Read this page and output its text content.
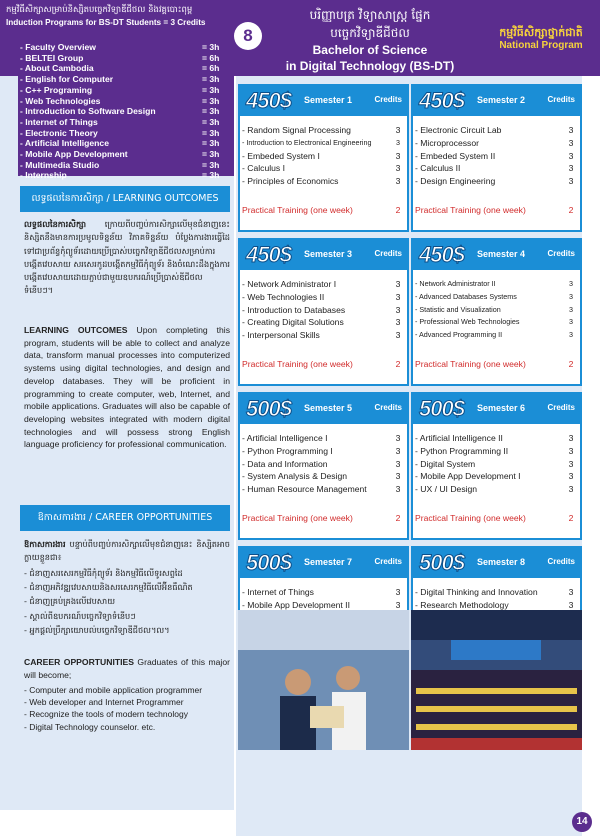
កម្មវិធីសិក្សាសម្រាប់និស្សិតបច្ចេកវិទ្យាឌីជីថល និងវគ្គបោះពុម្ព
Induction Programs for BS-DT Students = 3 Credits
8
បរិញ្ញាបត្រ វិទ្យាសាស្ត្រ ផ្នែក បច្ចេកវិទ្យាឌីជីថល
Bachelor of Science
in Digital Technology (BS-DT)
កម្មវិធីសិក្សាថ្នាក់ជាតិ
National Program
- Faculty Overview	= 3h
- BELTEI Group	= 6h
- About Cambodia	= 6h
- English for Computer	= 3h
- C++ Programing	= 3h
- Web Technologies	= 3h
- Introduction to Software Design	= 3h
- Internet of Things	= 3h
- Electronic Theory	= 3h
- Artificial Intelligence	= 3h
- Mobile App Development	= 3h
- Multimedia Studio	= 3h
- Internship	= 3h
លទ្ធផលនៃការសិក្សា / LEARNING OUTCOMES
លទ្ធផលនៃការសិក្សា ក្រោយពីបញ្ចប់ការសិក្សាលើមុខជំនាញនេះនិស្សិតនឹងមានការប្រមូលទិន្នន័យ វិភាគទិន្នន័យ បំប្លែងការងារធ្វើដៃទៅជាប្រព័ន្ធកុំព្យូទ័រដោយប្រើប្រាស់បច្ចេកវិទ្យាឌីជីថលសម្រាប់ការបង្កើតវេបសាយ សរសេរកូដបង្កើតកម្មវិធីកុំព្យូទ័រ និងចំណេះដឹងក្នុងការបង្កើតវេបសាយដោយភ្ជាប់ជាមួយឧបករណ៍ប្រើប្រាស់ឌីជីថលទំនើបៗ។
LEARNING OUTCOMES Upon completing this program, students will be able to collect and analyze data, transform manual processes into computerized systems using digital technologies, and design and develop databases. They will be proficient in programming to create computer, web, Internet, and mobile applications. Graduates will also be capable of developing websites integrated with modern digital technologies and will possess strong English language proficiency for professional communication.
ឱកាសការងារ / CAREER OPPORTUNITIES
ឱកាសការងារ បន្ទាប់ពីបញ្ចប់ការសិក្សាលើមុខជំនាញនេះ និស្សិតអាចក្លាយខ្លួនជា៖
- ជំនាញសរសេរកម្មវិធីកុំព្យូទ័រ និងកម្មវិធីលើទូរសព្ទដៃ
- ជំនាញអភិវឌ្ឍវេបសាយនិងសរសេរកម្មវិធីលើអ៊ីនធឺណិត
- ជំនាញគ្រប់គ្រងលើវេបសាយ
- ស្គាល់ពីឧបករណ៍បច្ចេកវិទ្យាទំនើបៗ
- អ្នកផ្តល់ប្រឹក្សាយោបល់បច្ចេកវិទ្យាឌីជីថល។ល។
CAREER OPPORTUNITIES Graduates of this major will become;
- Computer and mobile application programmer
- Web developer and Internet Programmer
- Recognize the tools of modern technology
- Digital Technology counselor. etc.
450$ Semester 1	Credits
- Random Signal Processing	3
- Introduction to Electronical Engineering	3
- Embeded System I	3
- Calculus I	3
- Principles of Economics	3
Practical Training (one week)	2
450$ Semester 2	Credits
- Electronic Circuit Lab	3
- Microprocessor	3
- Embeded System II	3
- Calculus II	3
- Design Engineering	3
Practical Training (one week)	2
450$ Semester 3	Credits
- Network Administrator I	3
- Web Technologies II	3
- Introduction to Databases	3
- Creating Digital Solutions	3
- Interpersonal Skills	3
Practical Training (one week)	2
450$ Semester 4	Credits
- Network Administrator II	3
- Advanced Databases Systems	3
- Statistic and Visualization	3
- Professional Web Technologies	3
- Advanced Programming II	3
Practical Training (one week)	2
500$ Semester 5	Credits
- Artificial Intelligence I	3
- Python Programming I	3
- Data and Information	3
- System Analysis & Design	3
- Human Resource Management	3
Practical Training (one week)	2
500$ Semester 6	Credits
- Artificial Intelligence II	3
- Python Programming II	3
- Digital System	3
- Mobile App Development I	3
- UX / UI Design	3
Practical Training (one week)	2
500$ Semester 7	Credits
- Internet of Things	3
- Mobile App Development II	3
500$ Semester 8	Credits
- Digital Thinking and Innovation	3
- Research Methodology	3
14
